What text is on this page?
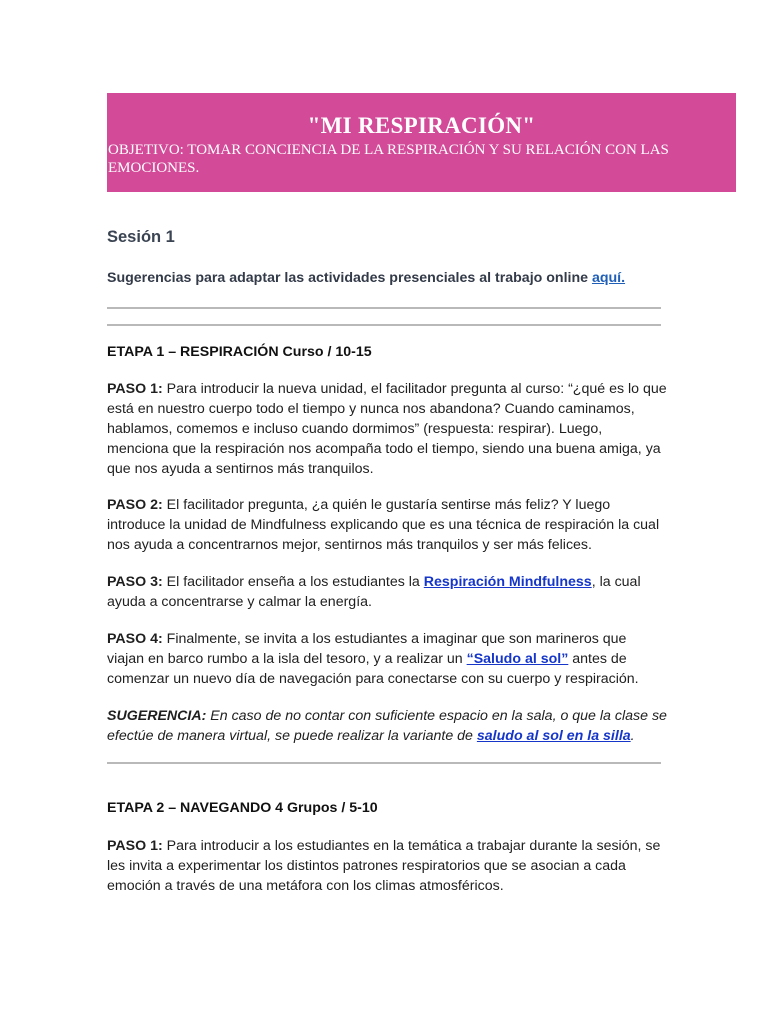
"MI RESPIRACIÓN"
OBJETIVO: TOMAR CONCIENCIA DE LA RESPIRACIÓN Y SU RELACIÓN CON LAS EMOCIONES.
Sesión 1
Sugerencias para adaptar las actividades presenciales al trabajo online aquí.
ETAPA 1 – RESPIRACIÓN Curso / 10-15
PASO 1: Para introducir la nueva unidad, el facilitador pregunta al curso: “¿qué es lo que está en nuestro cuerpo todo el tiempo y nunca nos abandona? Cuando caminamos, hablamos, comemos e incluso cuando dormimos” (respuesta: respirar). Luego, menciona que la respiración nos acompaña todo el tiempo, siendo una buena amiga, ya que nos ayuda a sentirnos más tranquilos.
PASO 2: El facilitador pregunta, ¿a quién le gustaría sentirse más feliz? Y luego introduce la unidad de Mindfulness explicando que es una técnica de respiración la cual nos ayuda a concentrarnos mejor, sentirnos más tranquilos y ser más felices.
PASO 3: El facilitador enseña a los estudiantes la Respiración Mindfulness, la cual ayuda a concentrarse y calmar la energía.
PASO 4: Finalmente, se invita a los estudiantes a imaginar que son marineros que viajan en barco rumbo a la isla del tesoro, y a realizar un “Saludo al sol” antes de comenzar un nuevo día de navegación para conectarse con su cuerpo y respiración.
SUGERENCIA: En caso de no contar con suficiente espacio en la sala, o que la clase se efectúe de manera virtual, se puede realizar la variante de saludo al sol en la silla.
ETAPA 2 – NAVEGANDO 4 Grupos / 5-10
PASO 1: Para introducir a los estudiantes en la temática a trabajar durante la sesión, se les invita a experimentar los distintos patrones respiratorios que se asocian a cada emoción a través de una metáfora con los climas atmosféricos.
